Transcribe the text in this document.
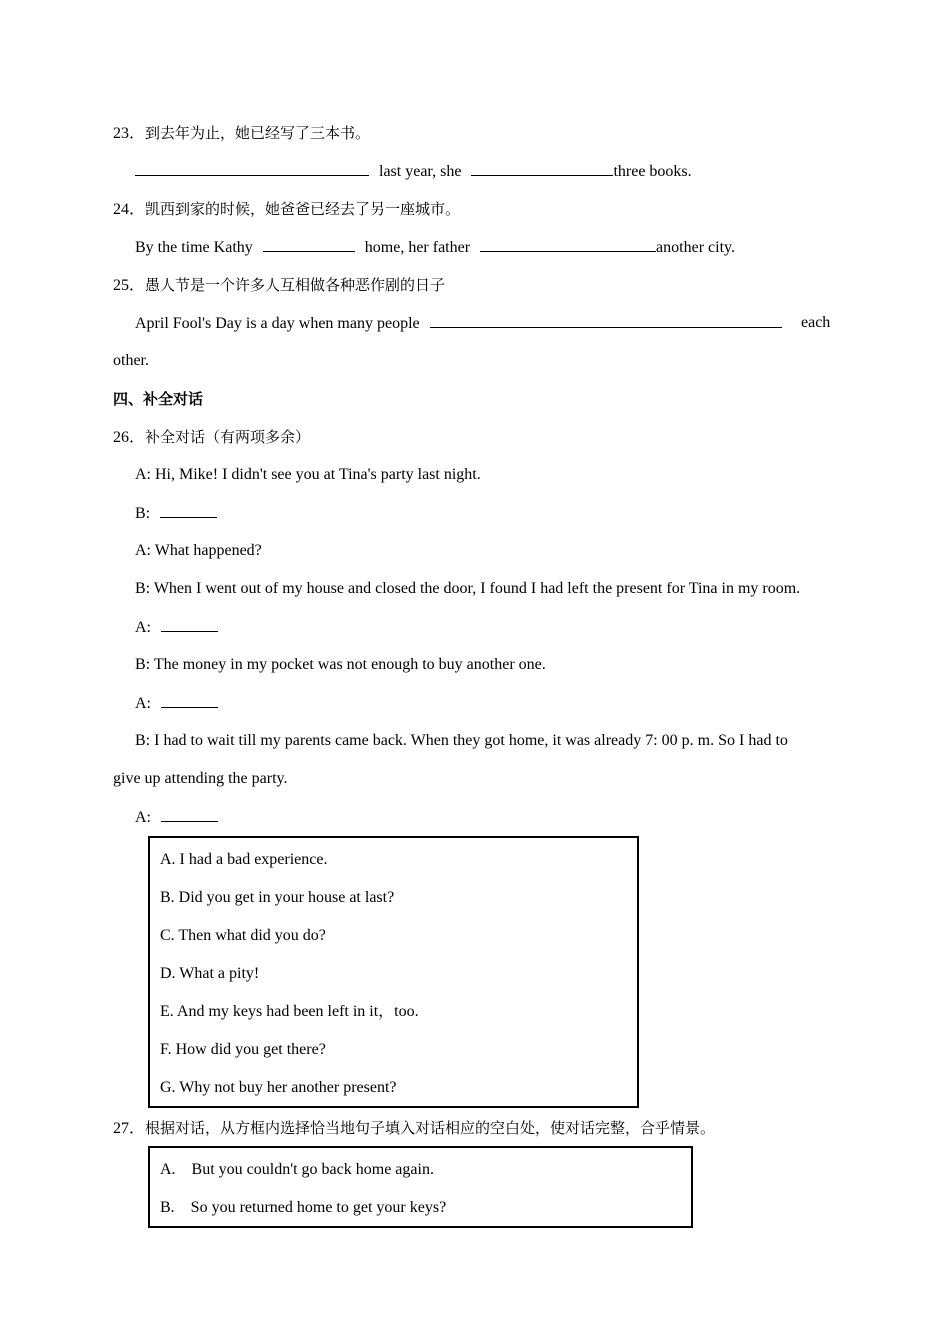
23．到去年为止，她已经写了三本书。
last year, she	three books.
24．凯西到家的时候，她爸爸已经去了另一座城市。
By the time Kathy	home, her father	another city.
25．愚人节是一个许多人互相做各种恶作剧的日子
April Fool's Day is a day when many people	each
other.
四、补全对话
26．补全对话（有两项多余）
A: Hi, Mike! I didn't see you at Tina's party last night.
B:
A: What happened?
B: When I went out of my house and closed the door, I found I had left the present for Tina in my room.
A:
B: The money in my pocket was not enough to buy another one.
A:
B: I had to wait till my parents came back. When they got home, it was already 7: 00 p. m. So I had to
give up attending the party.
A:
A. I had a bad experience.
B. Did you get in your house at last?
C. Then what did you do?
D. What a pity!
E. And my keys had been left in it，too.
F. How did you get there?
G. Why not buy her another present?
27．根据对话，从方框内选择恰当地句子填入对话相应的空白处，使对话完整，合乎情景。
A.    But you couldn't go back home again.
B.    So you returned home to get your keys?
